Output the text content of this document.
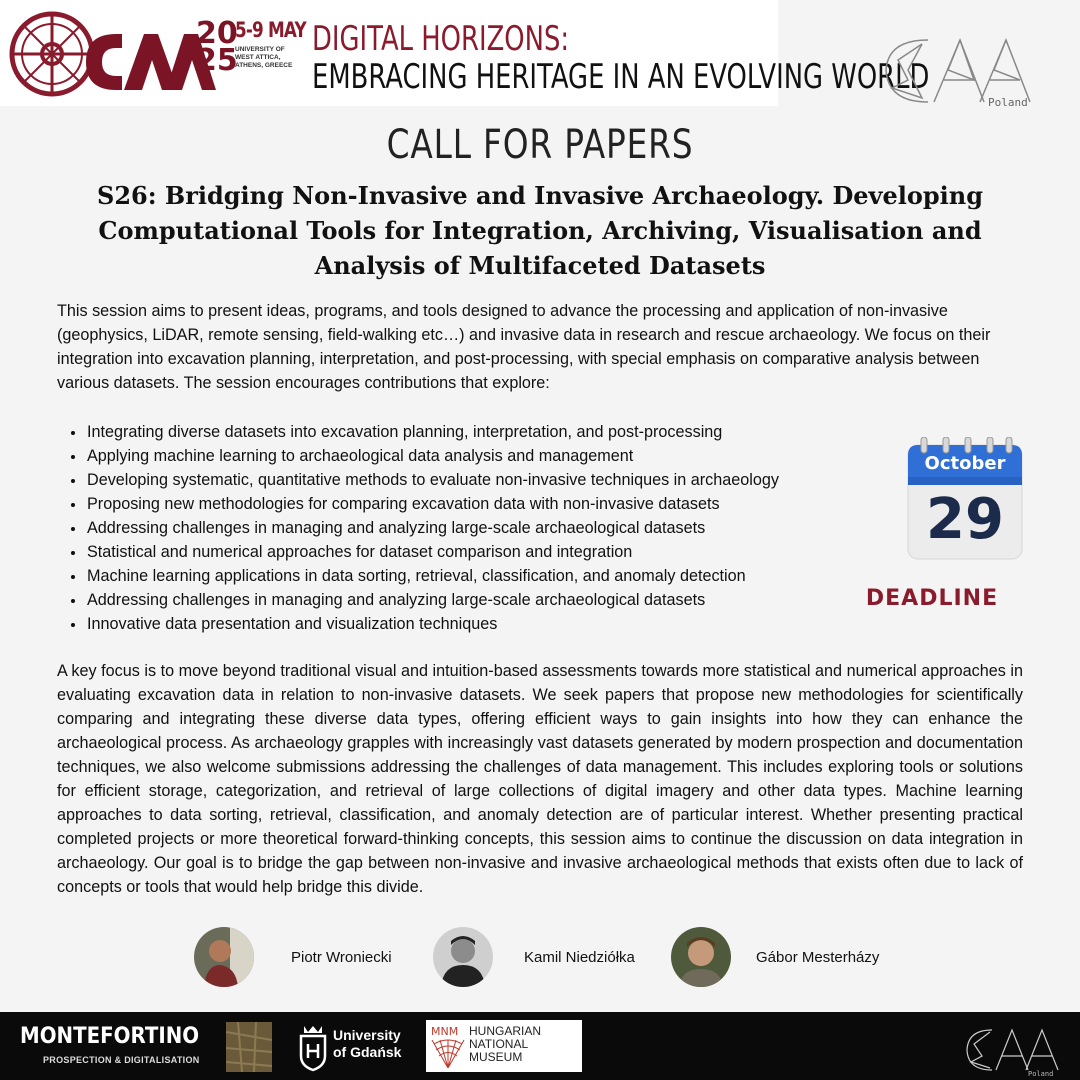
20
25
5-9 MAY
UNIVERSITY OF WEST ATTICA, ATHENS, GREECE
DIGITAL HORIZONS:
EMBRACING HERITAGE IN AN EVOLVING WORLD
Poland
CALL FOR PAPERS
S26: Bridging Non-Invasive and Invasive Archaeology. Developing Computational Tools for Integration, Archiving, Visualisation and Analysis of Multifaceted Datasets
This session aims to present ideas, programs, and tools designed to advance the processing and application of non-invasive (geophysics, LiDAR, remote sensing, field-walking etc…) and invasive data in research and rescue archaeology. We focus on their integration into excavation planning, interpretation, and post-processing, with special emphasis on comparative analysis between various datasets. The session encourages contributions that explore:
Integrating diverse datasets into excavation planning, interpretation, and post-processing
Applying machine learning to archaeological data analysis and management
Developing systematic, quantitative methods to evaluate non-invasive techniques in archaeology
Proposing new methodologies for comparing excavation data with non-invasive datasets
Addressing challenges in managing and analyzing large-scale archaeological datasets
Statistical and numerical approaches for dataset comparison and integration
Machine learning applications in data sorting, retrieval, classification, and anomaly detection
Addressing challenges in managing and analyzing large-scale archaeological datasets
Innovative data presentation and visualization techniques
October
29
DEADLINE
A key focus is to move beyond traditional visual and intuition-based assessments towards more statistical and numerical approaches in evaluating excavation data in relation to non-invasive datasets. We seek papers that propose new methodologies for scientifically comparing and integrating these diverse data types, offering efficient ways to gain insights into how they can enhance the archaeological process. As archaeology grapples with increasingly vast datasets generated by modern prospection and documentation techniques, we also welcome submissions addressing the challenges of data management. This includes exploring tools or solutions for efficient storage, categorization, and retrieval of large collections of digital imagery and other data types. Machine learning approaches to data sorting, retrieval, classification, and anomaly detection are of particular interest. Whether presenting practical completed projects or more theoretical forward-thinking concepts, this session aims to continue the discussion on data integration in archaeology. Our goal is to bridge the gap between non-invasive and invasive archaeological methods that exists often due to lack of concepts or tools that would help bridge this divide.
Piotr Wroniecki	Kamil Niedziółka	Gábor Mesterházy
MONTEFORTINO
PROSPECTION & DIGITALISATION
University
of Gdańsk
MNM HUNGARIAN
NATIONAL
MUSEUM
Poland
